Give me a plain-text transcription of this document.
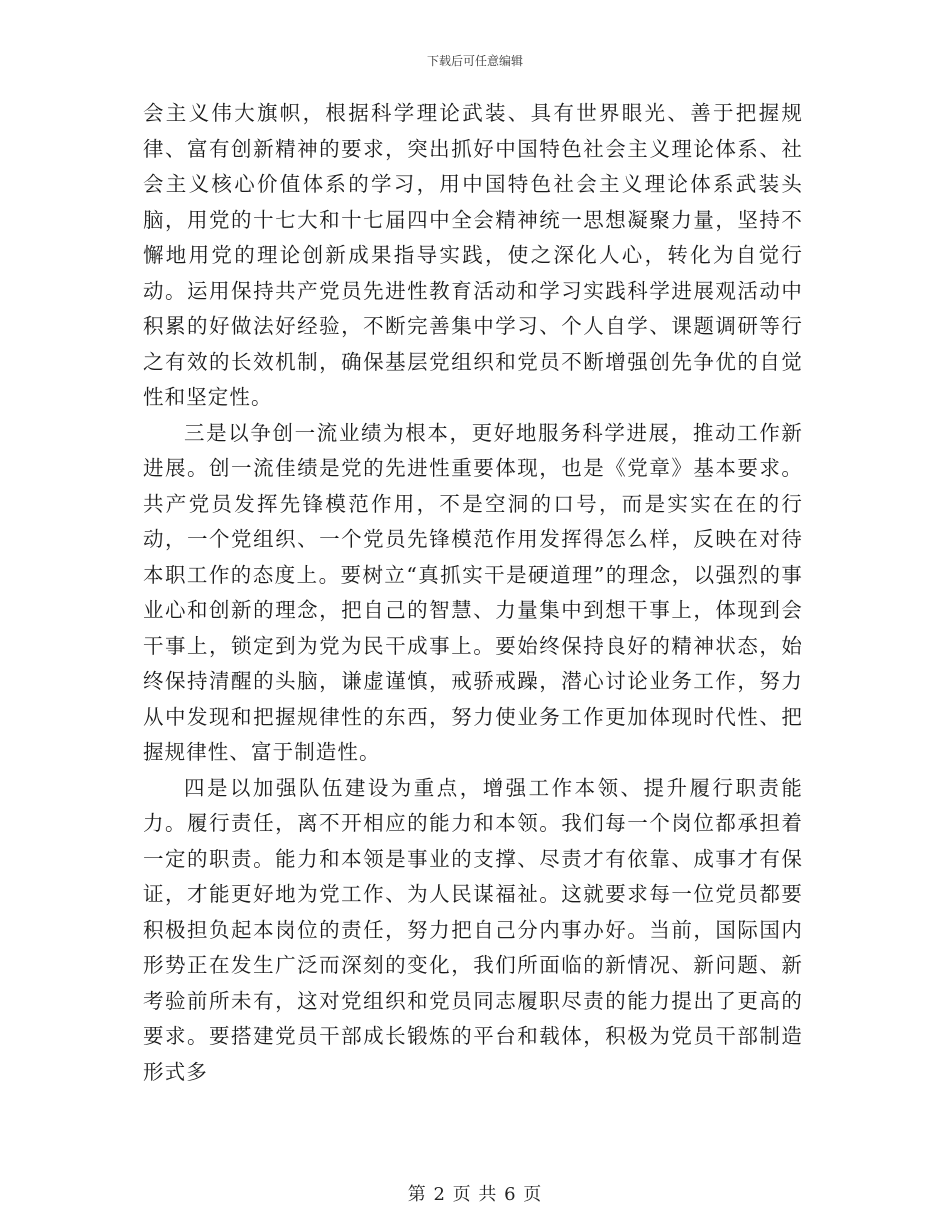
下载后可任意编辑

会主义伟大旗帜，根据科学理论武装、具有世界眼光、善于把握规律、富有创新精神的要求，突出抓好中国特色社会主义理论体系、社会主义核心价值体系的学习，用中国特色社会主义理论体系武装头脑，用党的十七大和十七届四中全会精神统一思想凝聚力量，坚持不懈地用党的理论创新成果指导实践，使之深化人心，转化为自觉行动。运用保持共产党员先进性教育活动和学习实践科学进展观活动中积累的好做法好经验，不断完善集中学习、个人自学、课题调研等行之有效的长效机制，确保基层党组织和党员不断增强创先争优的自觉性和坚定性。

三是以争创一流业绩为根本，更好地服务科学进展，推动工作新进展。创一流佳绩是党的先进性重要体现，也是《党章》基本要求。共产党员发挥先锋模范作用，不是空洞的口号，而是实实在在的行动，一个党组织、一个党员先锋模范作用发挥得怎么样，反映在对待本职工作的态度上。要树立“真抓实干是硬道理”的理念，以强烈的事业心和创新的理念，把自己的智慧、力量集中到想干事上，体现到会干事上，锁定到为党为民干成事上。要始终保持良好的精神状态，始终保持清醒的头脑，谦虚谨慎，戒骄戒躁，潜心讨论业务工作，努力从中发现和把握规律性的东西，努力使业务工作更加体现时代性、把握规律性、富于制造性。

四是以加强队伍建设为重点，增强工作本领、提升履行职责能力。履行责任，离不开相应的能力和本领。我们每一个岗位都承担着一定的职责。能力和本领是事业的支撑、尽责才有依靠、成事才有保证，才能更好地为党工作、为人民谋福祉。这就要求每一位党员都要积极担负起本岗位的责任，努力把自己分内事办好。当前，国际国内形势正在发生广泛而深刻的变化，我们所面临的新情况、新问题、新考验前所未有，这对党组织和党员同志履职尽责的能力提出了更高的要求。要搭建党员干部成长锻炼的平台和载体，积极为党员干部制造形式多

第 2 页 共 6 页
